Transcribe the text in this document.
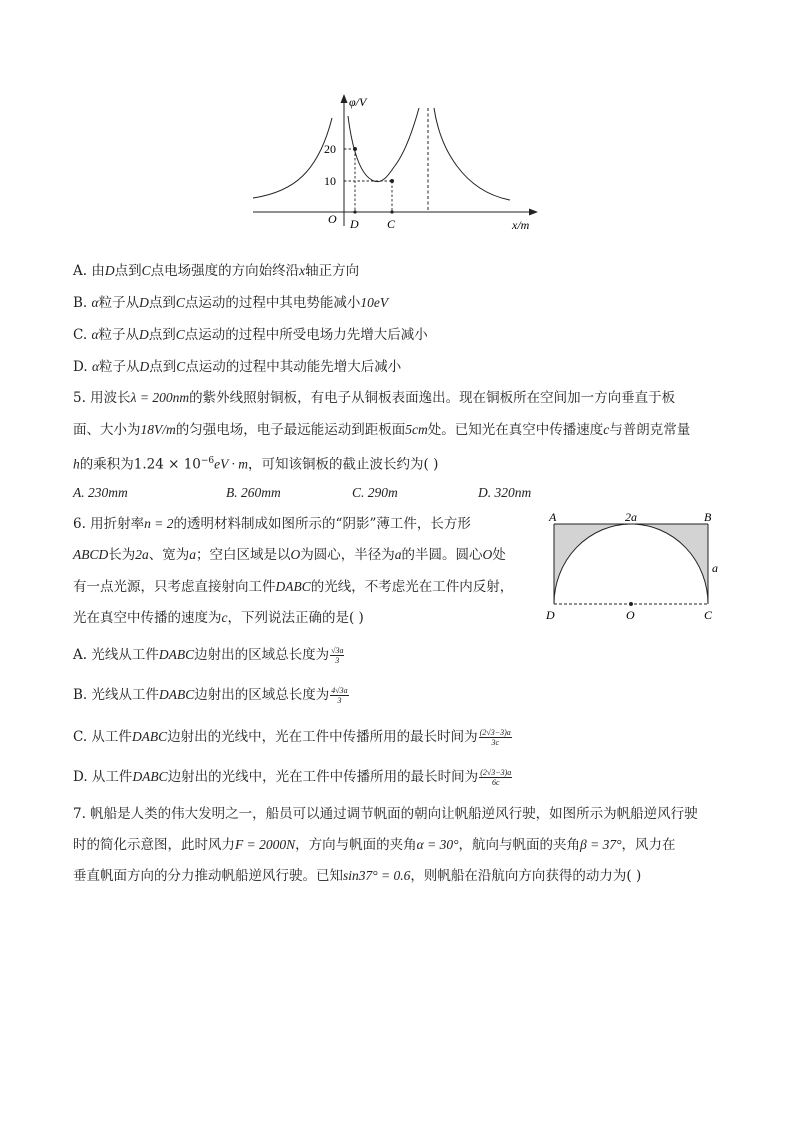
φ/V
20
10
O D C	x/m
A. 由D点到C点电场强度的方向始终沿x轴正方向
B. α粒子从D点到C点运动的过程中其电势能减小10eV
C. α粒子从D点到C点运动的过程中所受电场力先增大后减小
D. α粒子从D点到C点运动的过程中其动能先增大后减小
5. 用波长λ = 200nm的紫外线照射铜板，有电子从铜板表面逸出。现在铜板所在空间加一方向垂直于板
面、大小为18V/m的匀强电场，电子最远能运动到距板面5cm处。已知光在真空中传播速度c与普朗克常量
h的乘积为$1.24 \times 10^{-6}eV \cdot m$，可知该铜板的截止波长约为( )
A. 230mm	B. 260mm	C. 290m	D. 320nm
6. 用折射率n = 2的透明材料制成如图所示的“阴影”薄工件，长方形
ABCD长为2a、宽为a；空白区域是以O为圆心，半径为a的半圆。圆心O处
有一点光源，只考虑直接射向工件DABC的光线，不考虑光在工件内反射，
光在真空中传播的速度为c，下列说法正确的是( )
A	2a	B
a
D	O	C
A. 光线从工件DABC边射出的区域总长度为 $\frac{√3a}{3}$
B. 光线从工件DABC边射出的区域总长度为 $\frac{4√3a}{3}$
C. 从工件DABC边射出的光线中，光在工件中传播所用的最长时间为 $\frac{(2√3-3)a}{3c}$
D. 从工件DABC边射出的光线中，光在工件中传播所用的最长时间为 $\frac{(2√3-3)a}{6c}$
7. 帆船是人类的伟大发明之一，船员可以通过调节帆面的朝向让帆船逆风行驶，如图所示为帆船逆风行驶
时的简化示意图，此时风力F = 2000N，方向与帆面的夹角α = 30°，航向与帆面的夹角β = 37°，风力在
垂直帆面方向的分力推动帆船逆风行驶。已知sin37° = 0.6，则帆船在沿航向方向获得的动力为( )
